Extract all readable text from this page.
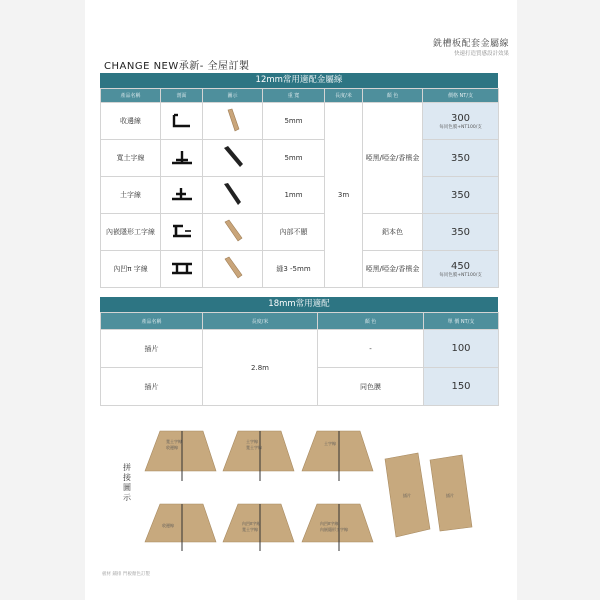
銑槽板配套金屬線
快速打造質感設計效果
CHANGE NEW承新- 全屋訂製
12mm常用適配金屬線
產品名稱	剖面	圖示	重 寬	長度/米	顏 色	價格 NT/支
收邊線			5mm	3m	啞黑/啞金/香檳金	300
每同色膜+NT100/支

寬土字線			5mm			350

土字線			1mm			350

內嵌隱形工字線			內部不顯		鋁本色	350

內凹π 字線			縫3 -5mm		啞黑/啞金/香檳金	450
每同色膜+NT100/支
18mm常用適配
產品名稱	長度/米	顏 色	單 價 NT/支
插片	2.8m	-	100

插片		同色膜	150
拼
接
圖
示
寬土字線
收邊線
土字線
寬土字線
土字線
收邊線	內凹π字線
寬土字線
內凹π字線
內嵌隱形工字線
插片	插片
板材 鋪排 門板顏色訂製
